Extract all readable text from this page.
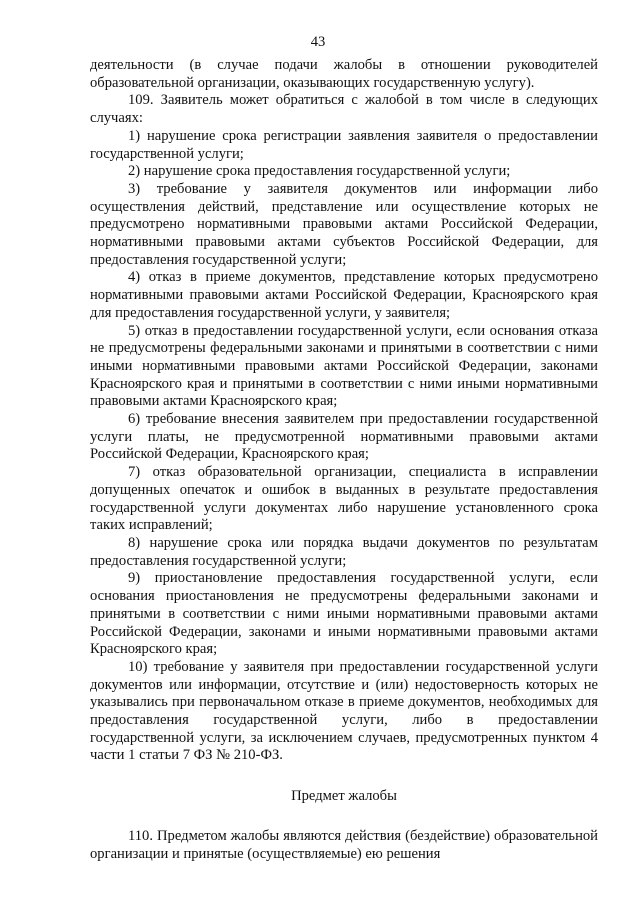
43

деятельности (в случае подачи жалобы в отношении руководителей образовательной организации, оказывающих государственную услугу).

109. Заявитель может обратиться с жалобой в том числе в следующих случаях:

1) нарушение срока регистрации заявления заявителя о предоставлении государственной услуги;

2) нарушение срока предоставления государственной услуги;

3) требование у заявителя документов или информации либо осуществления действий, представление или осуществление которых не предусмотрено нормативными правовыми актами Российской Федерации, нормативными правовыми актами субъектов Российской Федерации, для предоставления государственной услуги;

4) отказ в приеме документов, представление которых предусмотрено нормативными правовыми актами Российской Федерации, Красноярского края для предоставления государственной услуги, у заявителя;

5) отказ в предоставлении государственной услуги, если основания отказа не предусмотрены федеральными законами и принятыми в соответствии с ними иными нормативными правовыми актами Российской Федерации, законами Красноярского края и принятыми в соответствии с ними иными нормативными правовыми актами Красноярского края;

6) требование внесения заявителем при предоставлении государственной услуги платы, не предусмотренной нормативными правовыми актами Российской Федерации, Красноярского края;

7) отказ образовательной организации, специалиста в исправлении допущенных опечаток и ошибок в выданных в результате предоставления государственной услуги документах либо нарушение установленного срока таких исправлений;

8) нарушение срока или порядка выдачи документов по результатам предоставления государственной услуги;

9) приостановление предоставления государственной услуги, если основания приостановления не предусмотрены федеральными законами и принятыми в соответствии с ними иными нормативными правовыми актами Российской Федерации, законами и иными нормативными правовыми актами Красноярского края;

10) требование у заявителя при предоставлении государственной услуги документов или информации, отсутствие и (или) недостоверность которых не указывались при первоначальном отказе в приеме документов, необходимых для предоставления государственной услуги, либо в предоставлении государственной услуги, за исключением случаев, предусмотренных пунктом 4 части 1 статьи 7 ФЗ № 210-ФЗ.

Предмет жалобы

110. Предметом жалобы являются действия (бездействие) образовательной организации и принятые (осуществляемые) ею решения
